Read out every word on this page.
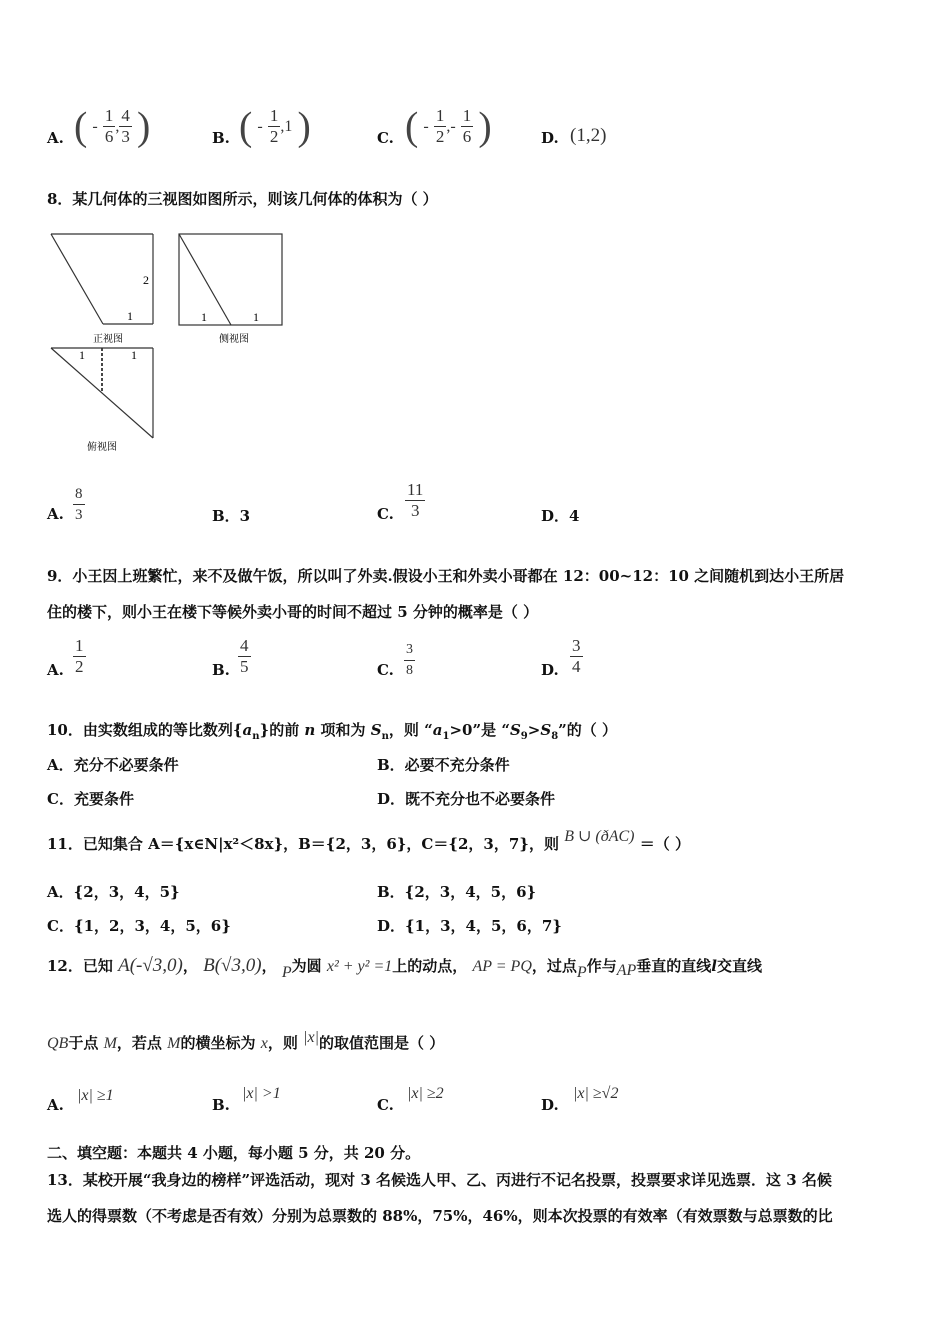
A. ( - $\frac{1}{6}$ , $\frac{4}{3}$ )	B. ( - $\frac{1}{2} ,1$ )	C. ( - $\frac{1}{2}$ ,- $\frac{1}{6}$ )	D. (1,2)
8．某几何体的三视图如图所示，则该几何体的体积为（ ）
2
1
正视图
1	1
侧视图
1	1
俯视图
A. $\frac{8}{3}$	B．3	C. $\frac{11}{3}$	D．4
9．小王因上班繁忙，来不及做午饭，所以叫了外卖.假设小王和外卖小哥都在 12：00~12：10 之间随机到达小王所居
住的楼下，则小王在楼下等候外卖小哥的时间不超过 5 分钟的概率是（ ）
A. $\frac{1}{2}$	B. $\frac{4}{5}$	C. $\frac{3}{8}$	D. $\frac{3}{4}$
10．由实数组成的等比数列$\{a_n\}$的前 n 项和为 $S_n$，则 “$a_1>0$”是 “$S_9>S_8$”的（ ）
A．充分不必要条件	B．必要不充分条件
C．充要条件	D．既不充分也不必要条件
11．已知集合 A＝{x∈N|x²＜8x}，B＝{2，3，6}，C＝{2，3，7}，则 B ∪ (ðAC) ＝（ ）
A．{2，3，4，5}	B．{2，3，4，5，6}
C．{1，2，3，4，5，6}	D．{1，3，4，5，6，7}
12．已知 A(-√3,0)， B(√3,0)， P为圆 x² + y² =1上的动点， AP = PQ，过点P作与AP垂直的直线l交直线
QB于点 M，若点 M的横坐标为 x，则 |x|的取值范围是（ ）
A.
|x| ≥1
B.
|x| >1
C.
|x| ≥2
D.
|x| ≥√2
二、填空题：本题共 4 小题，每小题 5 分，共 20 分。
13．某校开展“我身边的榜样”评选活动，现对 3 名候选人甲、乙、丙进行不记名投票，投票要求详见选票．这 3 名候
选人的得票数（不考虑是否有效）分别为总票数的 88%，75%，46%，则本次投票的有效率（有效票数与总票数的比
